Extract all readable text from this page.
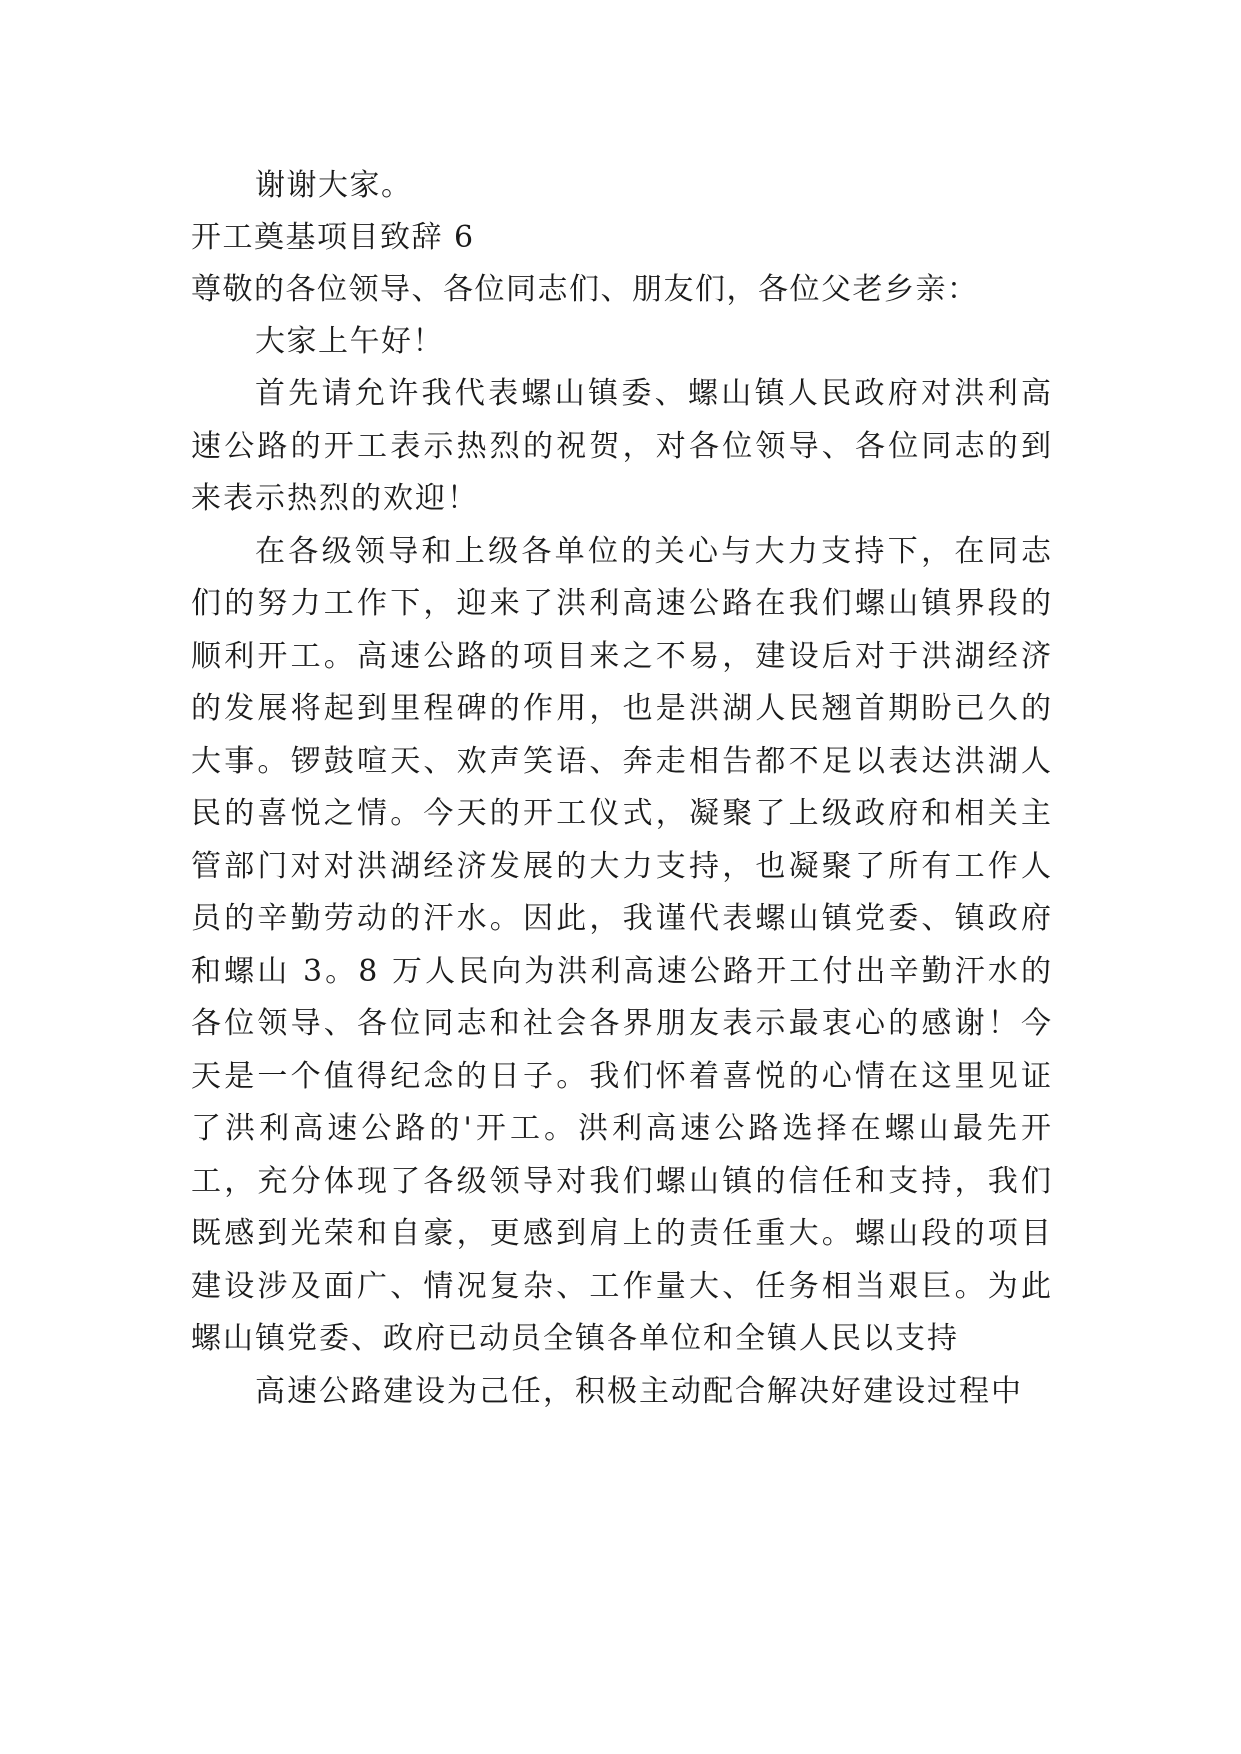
谢谢大家。

开工奠基项目致辞 6

尊敬的各位领导、各位同志们、朋友们，各位父老乡亲：

大家上午好！

首先请允许我代表螺山镇委、螺山镇人民政府对洪利高速公路的开工表示热烈的祝贺，对各位领导、各位同志的到来表示热烈的欢迎！

在各级领导和上级各单位的关心与大力支持下，在同志们的努力工作下，迎来了洪利高速公路在我们螺山镇界段的顺利开工。高速公路的项目来之不易，建设后对于洪湖经济的发展将起到里程碑的作用，也是洪湖人民翘首期盼已久的大事。锣鼓喧天、欢声笑语、奔走相告都不足以表达洪湖人民的喜悦之情。今天的开工仪式，凝聚了上级政府和相关主管部门对对洪湖经济发展的大力支持，也凝聚了所有工作人员的辛勤劳动的汗水。因此，我谨代表螺山镇党委、镇政府和螺山 3。8 万人民向为洪利高速公路开工付出辛勤汗水的各位领导、各位同志和社会各界朋友表示最衷心的感谢！今天是一个值得纪念的日子。我们怀着喜悦的心情在这里见证了洪利高速公路的'开工。洪利高速公路选择在螺山最先开工，充分体现了各级领导对我们螺山镇的信任和支持，我们既感到光荣和自豪，更感到肩上的责任重大。螺山段的项目建设涉及面广、情况复杂、工作量大、任务相当艰巨。为此螺山镇党委、政府已动员全镇各单位和全镇人民以支持

高速公路建设为己任，积极主动配合解决好建设过程中
